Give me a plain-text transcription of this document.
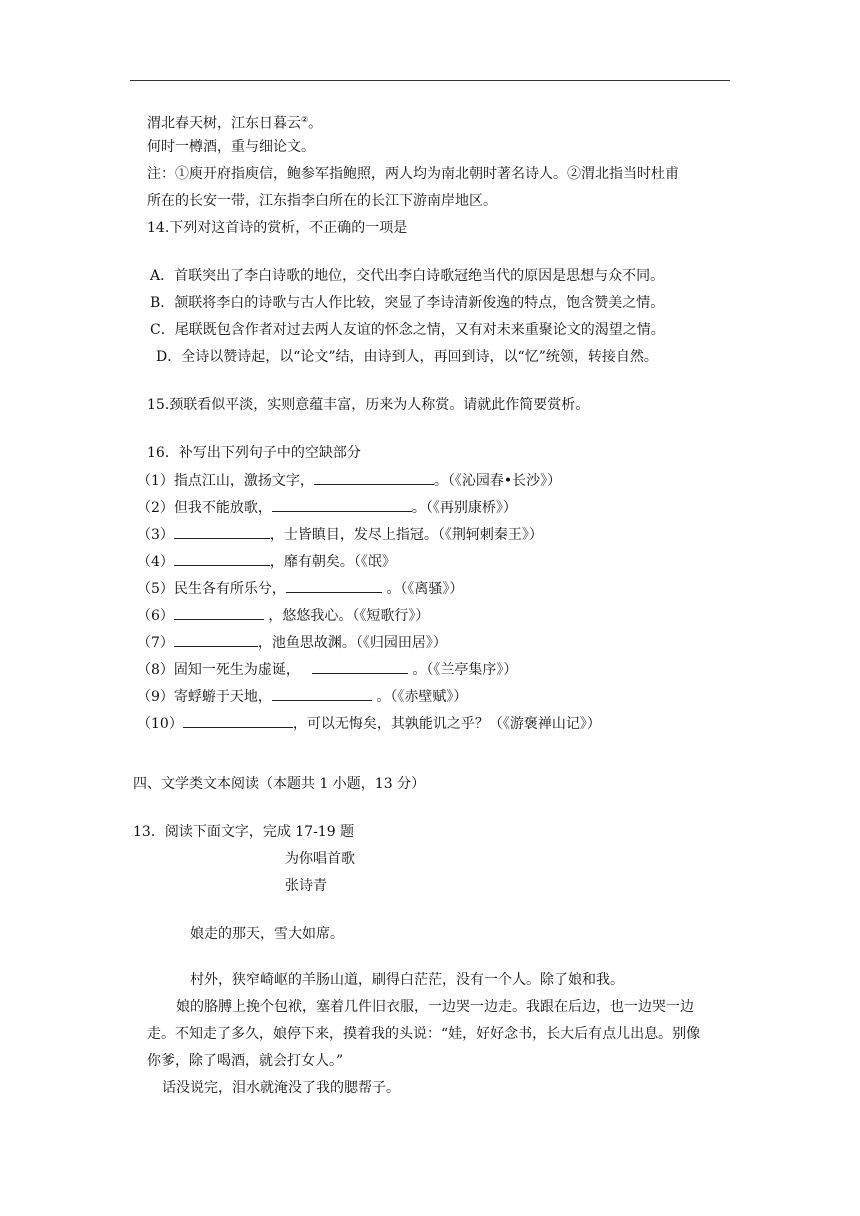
渭北春天树，江东日暮云②。
何时一樽酒，重与细论文。
注：①庾开府指庾信，鲍参军指鲍照，两人均为南北朝时著名诗人。②渭北指当时杜甫
所在的长安一带，江东指李白所在的长江下游南岸地区。
14.下列对这首诗的赏析，不正确的一项是
A．首联突出了李白诗歌的地位，交代出李白诗歌冠绝当代的原因是思想与众不同。
B．颔联将李白的诗歌与古人作比较，突显了李诗清新俊逸的特点，饱含赞美之情。
C．尾联既包含作者对过去两人友谊的怀念之情，又有对未来重聚论文的渴望之情。
D．全诗以赞诗起，以“论文”结，由诗到人，再回到诗，以“忆”统领，转接自然。
15.颈联看似平淡，实则意蕴丰富，历来为人称赏。请就此作简要赏析。
16．补写出下列句子中的空缺部分
（1）指点江山，激扬文字，	。（《沁园春•长沙》）
（2）但我不能放歌，	。（《再别康桥》）
（3）	，士皆瞋目，发尽上指冠。（《荆轲刺秦王》）
（4）	，靡有朝矣。（《氓》
（5）民生各有所乐兮，	。（《离骚》）
（6）	，悠悠我心。（《短歌行》）
（7）	，池鱼思故渊。（《归园田居》）
（8）固知一死生为虚诞，	。（《兰亭集序》）
（9）寄蜉蝣于天地，	。（《赤壁赋》）
（10）	，可以无悔矣，其孰能讥之乎？（《游褒禅山记》）
四、文学类文本阅读（本题共 1 小题，13 分）
13．阅读下面文字，完成 17-19 题
为你唱首歌
张诗青
娘走的那天，雪大如席。
村外，狭窄崎岖的羊肠山道，刷得白茫茫，没有一个人。除了娘和我。
娘的胳膊上挽个包袱，塞着几件旧衣服，一边哭一边走。我跟在后边，也一边哭一边
走。不知走了多久，娘停下来，摸着我的头说：“娃，好好念书，长大后有点儿出息。别像
你爹，除了喝酒，就会打女人。”
话没说完，泪水就淹没了我的腮帮子。
